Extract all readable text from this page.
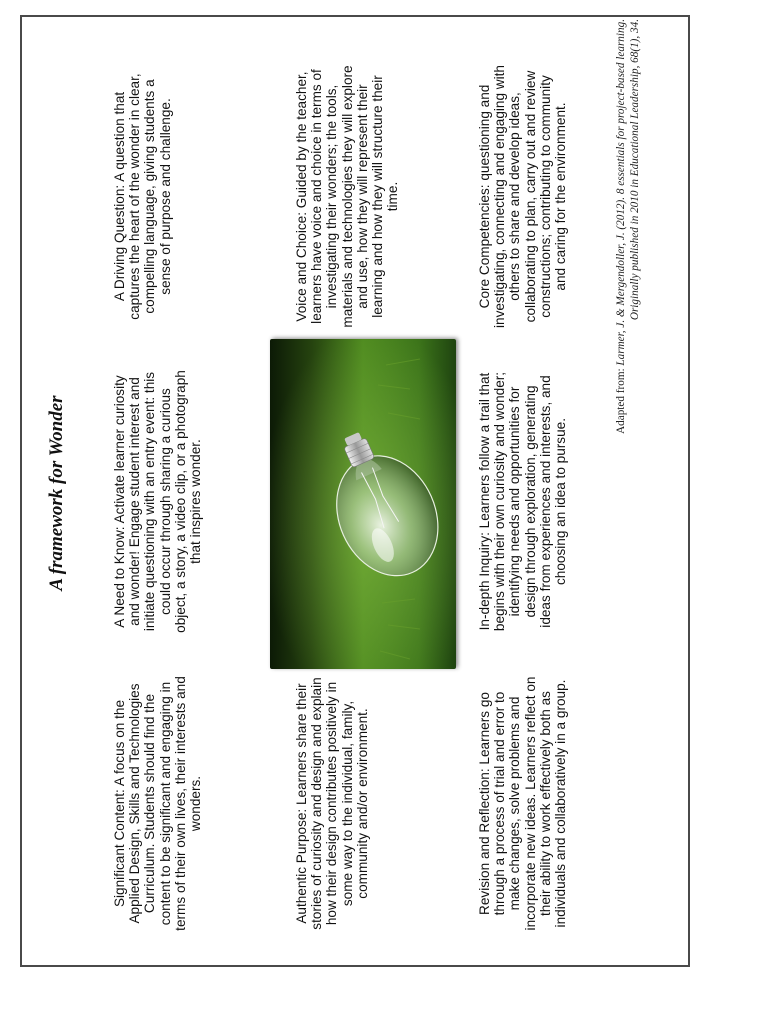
A framework for Wonder
Significant Content: A focus on the Applied Design, Skills and Technologies Curriculum. Students should find the content to be significant and engaging in terms of their own lives, their interests and wonders.
A Need to Know: Activate learner curiosity and wonder! Engage student interest and initiate questioning with an entry event: this could occur through sharing a curious object, a story, a video clip, or a photograph that inspires wonder.
A Driving Question: A question that captures the heart of the wonder in clear, compelling language, giving students a sense of purpose and challenge.
Authentic Purpose: Learners share their stories of curiosity and design and explain how their design contributes positively in some way to the individual, family, community and/or environment.
Voice and Choice: Guided by the teacher, learners have voice and choice in terms of investigating their wonders; the tools, materials and technologies they will explore and use, how they will represent their learning and how they will structure their time.
Revision and Reflection: Learners go through a process of trial and error to make changes, solve problems and incorporate new ideas. Learners reflect on their ability to work effectively both as individuals and collaboratively in a group.
In-depth Inquiry: Learners follow a trail that begins with their own curiosity and wonder; identifying needs and opportunities for design through exploration, generating ideas from experiences and interests, and choosing an idea to pursue.
Core Competencies: questioning and investigating, connecting and engaging with others to share and develop ideas, collaborating to plan, carry out and review constructions; contributing to community and caring for the environment.
Adapted from: Larmer, J. & Mergendoller, J. (2012). 8 essentials for project-based learning. Originally published in 2010 in Educational Leadership, 68(1), 34.
